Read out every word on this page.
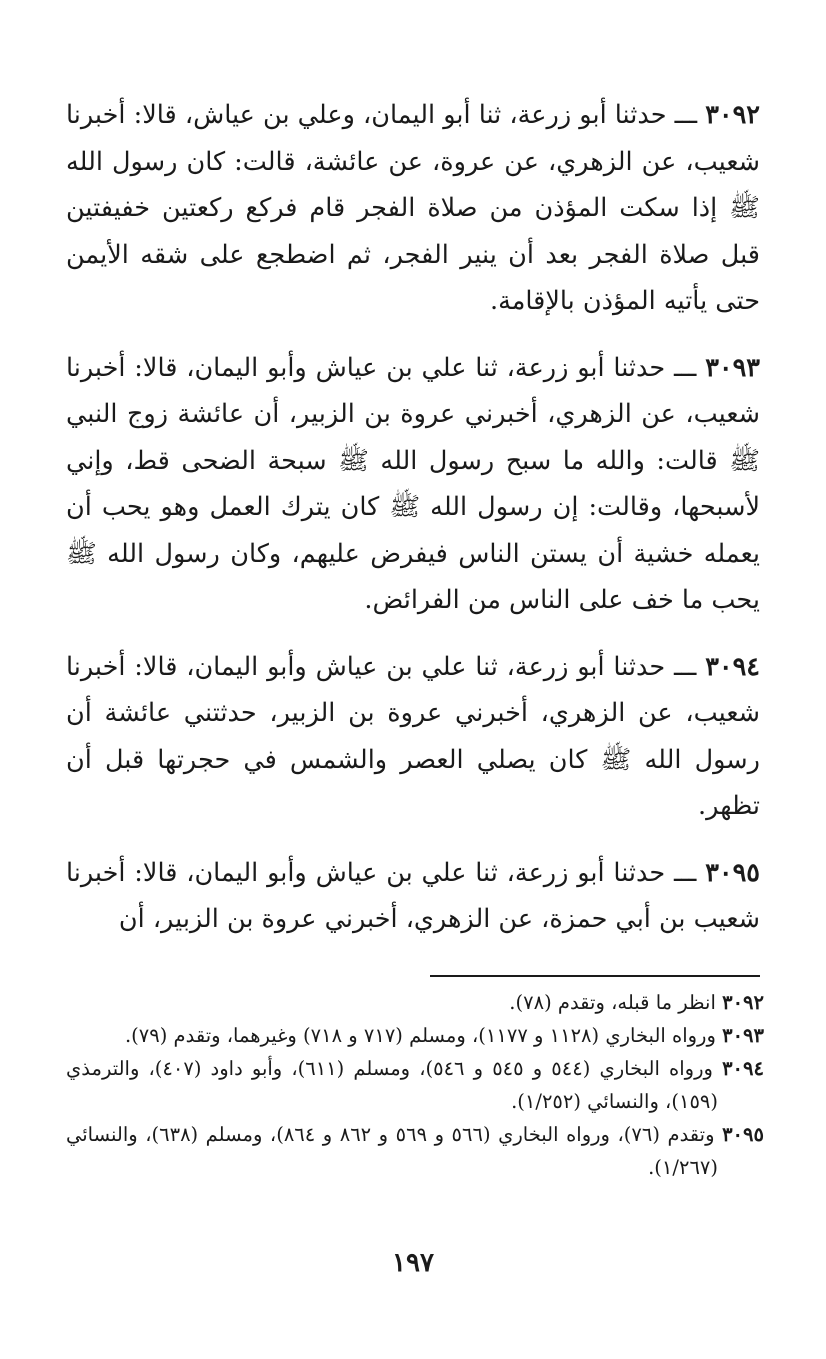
٣٠٩٢ ـــ حدثنا أبو زرعة، ثنا أبو اليمان، وعلي بن عياش، قالا: أخبرنا شعيب، عن الزهري، عن عروة، عن عائشة، قالت: كان رسول الله ﷺ إذا سكت المؤذن من صلاة الفجر قام فركع ركعتين خفيفتين قبل صلاة الفجر بعد أن ينير الفجر، ثم اضطجع على شقه الأيمن حتى يأتيه المؤذن بالإقامة.

٣٠٩٣ ـــ حدثنا أبو زرعة، ثنا علي بن عياش وأبو اليمان، قالا: أخبرنا شعيب، عن الزهري، أخبرني عروة بن الزبير، أن عائشة زوج النبي ﷺ قالت: والله ما سبح رسول الله ﷺ سبحة الضحى قط، وإني لأسبحها، وقالت: إن رسول الله ﷺ كان يترك العمل وهو يحب أن يعمله خشية أن يستن الناس فيفرض عليهم، وكان رسول الله ﷺ يحب ما خف على الناس من الفرائض.

٣٠٩٤ ـــ حدثنا أبو زرعة، ثنا علي بن عياش وأبو اليمان، قالا: أخبرنا شعيب، عن الزهري، أخبرني عروة بن الزبير، حدثتني عائشة أن رسول الله ﷺ كان يصلي العصر والشمس في حجرتها قبل أن تظهر.

٣٠٩٥ ـــ حدثنا أبو زرعة، ثنا علي بن عياش وأبو اليمان، قالا: أخبرنا شعيب بن أبي حمزة، عن الزهري، أخبرني عروة بن الزبير، أن

٣٠٩٢ انظر ما قبله، وتقدم (٧٨).

٣٠٩٣ ورواه البخاري (١١٢٨ و ١١٧٧)، ومسلم (٧١٧ و ٧١٨) وغيرهما، وتقدم (٧٩).

٣٠٩٤ ورواه البخاري (٥٤٤ و ٥٤٥ و ٥٤٦)، ومسلم (٦١١)، وأبو داود (٤٠٧)، والترمذي (١٥٩)، والنسائي (١/٢٥٢).

٣٠٩٥ وتقدم (٧٦)، ورواه البخاري (٥٦٦ و ٥٦٩ و ٨٦٢ و ٨٦٤)، ومسلم (٦٣٨)، والنسائي (١/٢٦٧).

١٩٧
